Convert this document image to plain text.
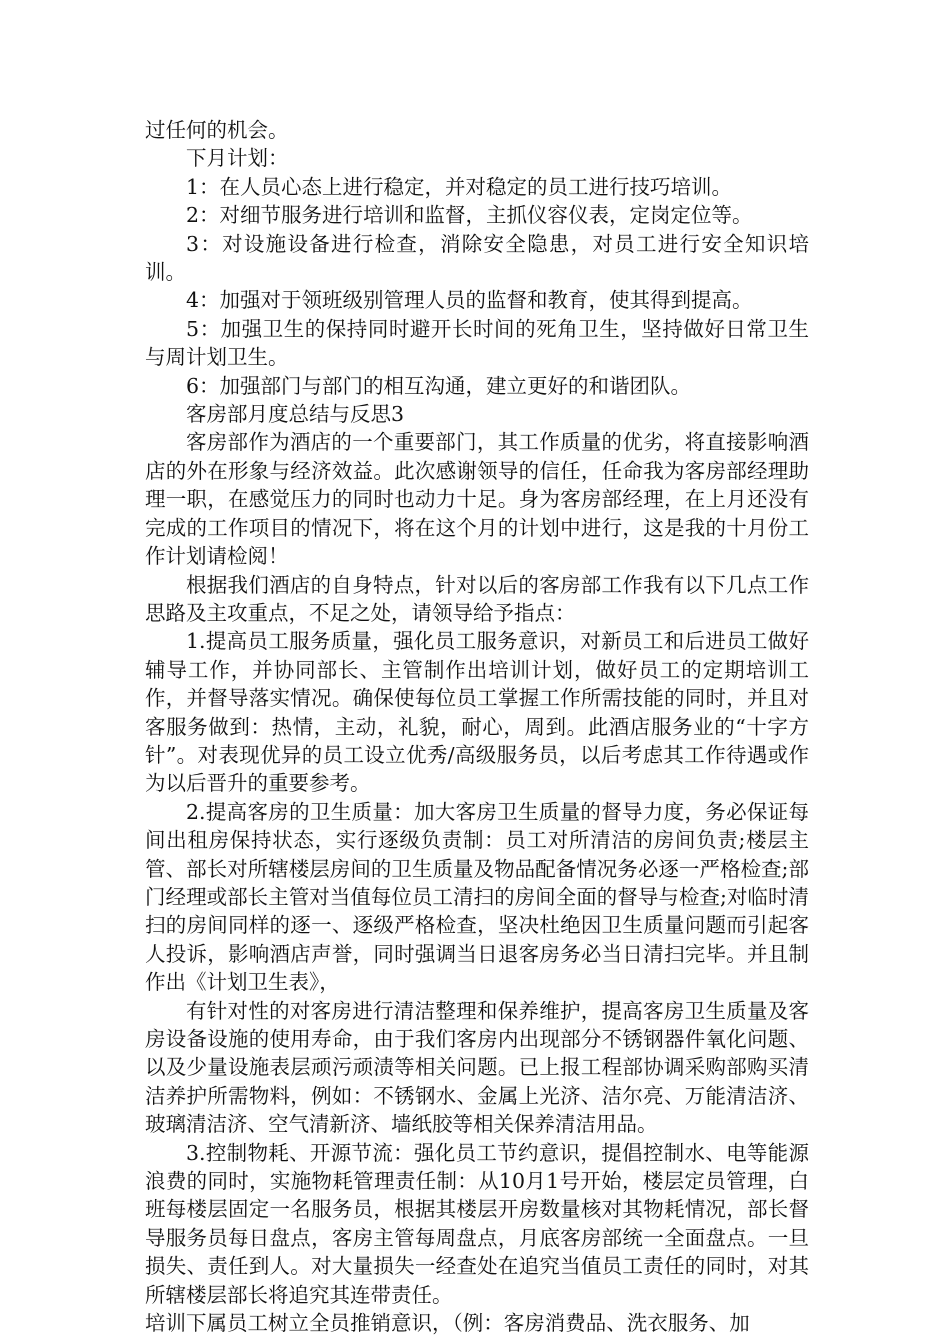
过任何的机会。

下月计划：

1：在人员心态上进行稳定，并对稳定的员工进行技巧培训。

2：对细节服务进行培训和监督，主抓仪容仪表，定岗定位等。

3：对设施设备进行检查，消除安全隐患，对员工进行安全知识培训。

4：加强对于领班级别管理人员的监督和教育，使其得到提高。

5：加强卫生的保持同时避开长时间的死角卫生，坚持做好日常卫生与周计划卫生。

6：加强部门与部门的相互沟通，建立更好的和谐团队。

客房部月度总结与反思3

客房部作为酒店的一个重要部门，其工作质量的优劣，将直接影响酒店的外在形象与经济效益。此次感谢领导的信任，任命我为客房部经理助理一职，在感觉压力的同时也动力十足。身为客房部经理，在上月还没有完成的工作项目的情况下，将在这个月的计划中进行，这是我的十月份工作计划请检阅！

根据我们酒店的自身特点，针对以后的客房部工作我有以下几点工作思路及主攻重点，不足之处，请领导给予指点：

1.提高员工服务质量，强化员工服务意识，对新员工和后进员工做好辅导工作，并协同部长、主管制作出培训计划，做好员工的定期培训工作，并督导落实情况。确保使每位员工掌握工作所需技能的同时，并且对客服务做到：热情，主动，礼貌，耐心，周到。此酒店服务业的“十字方针”。对表现优异的员工设立优秀/高级服务员，以后考虑其工作待遇或作为以后晋升的重要参考。

2.提高客房的卫生质量：加大客房卫生质量的督导力度，务必保证每间出租房保持状态，实行逐级负责制：员工对所清洁的房间负责;楼层主管、部长对所辖楼层房间的卫生质量及物品配备情况务必逐一严格检查;部门经理或部长主管对当值每位员工清扫的房间全面的督导与检查;对临时清扫的房间同样的逐一、逐级严格检查，坚决杜绝因卫生质量问题而引起客人投诉，影响酒店声誉，同时强调当日退客房务必当日清扫完毕。并且制作出《计划卫生表》，

有针对性的对客房进行清洁整理和保养维护，提高客房卫生质量及客房设备设施的使用寿命，由于我们客房内出现部分不锈钢器件氧化问题、以及少量设施表层顽污顽渍等相关问题。已上报工程部协调采购部购买清洁养护所需物料，例如：不锈钢水、金属上光济、洁尔亮、万能清洁济、玻璃清洁济、空气清新济、墙纸胶等相关保养清洁用品。

3.控制物耗、开源节流：强化员工节约意识，提倡控制水、电等能源浪费的同时，实施物耗管理责任制：从10月1号开始，楼层定员管理，白班每楼层固定一名服务员，根据其楼层开房数量核对其物耗情况，部长督导服务员每日盘点，客房主管每周盘点，月底客房部统一全面盘点。一旦损失、责任到人。对大量损失一经查处在追究当值员工责任的同时，对其所辖楼层部长将追究其连带责任。

培训下属员工树立全员推销意识，（例：客房消费品、洗衣服务、加
